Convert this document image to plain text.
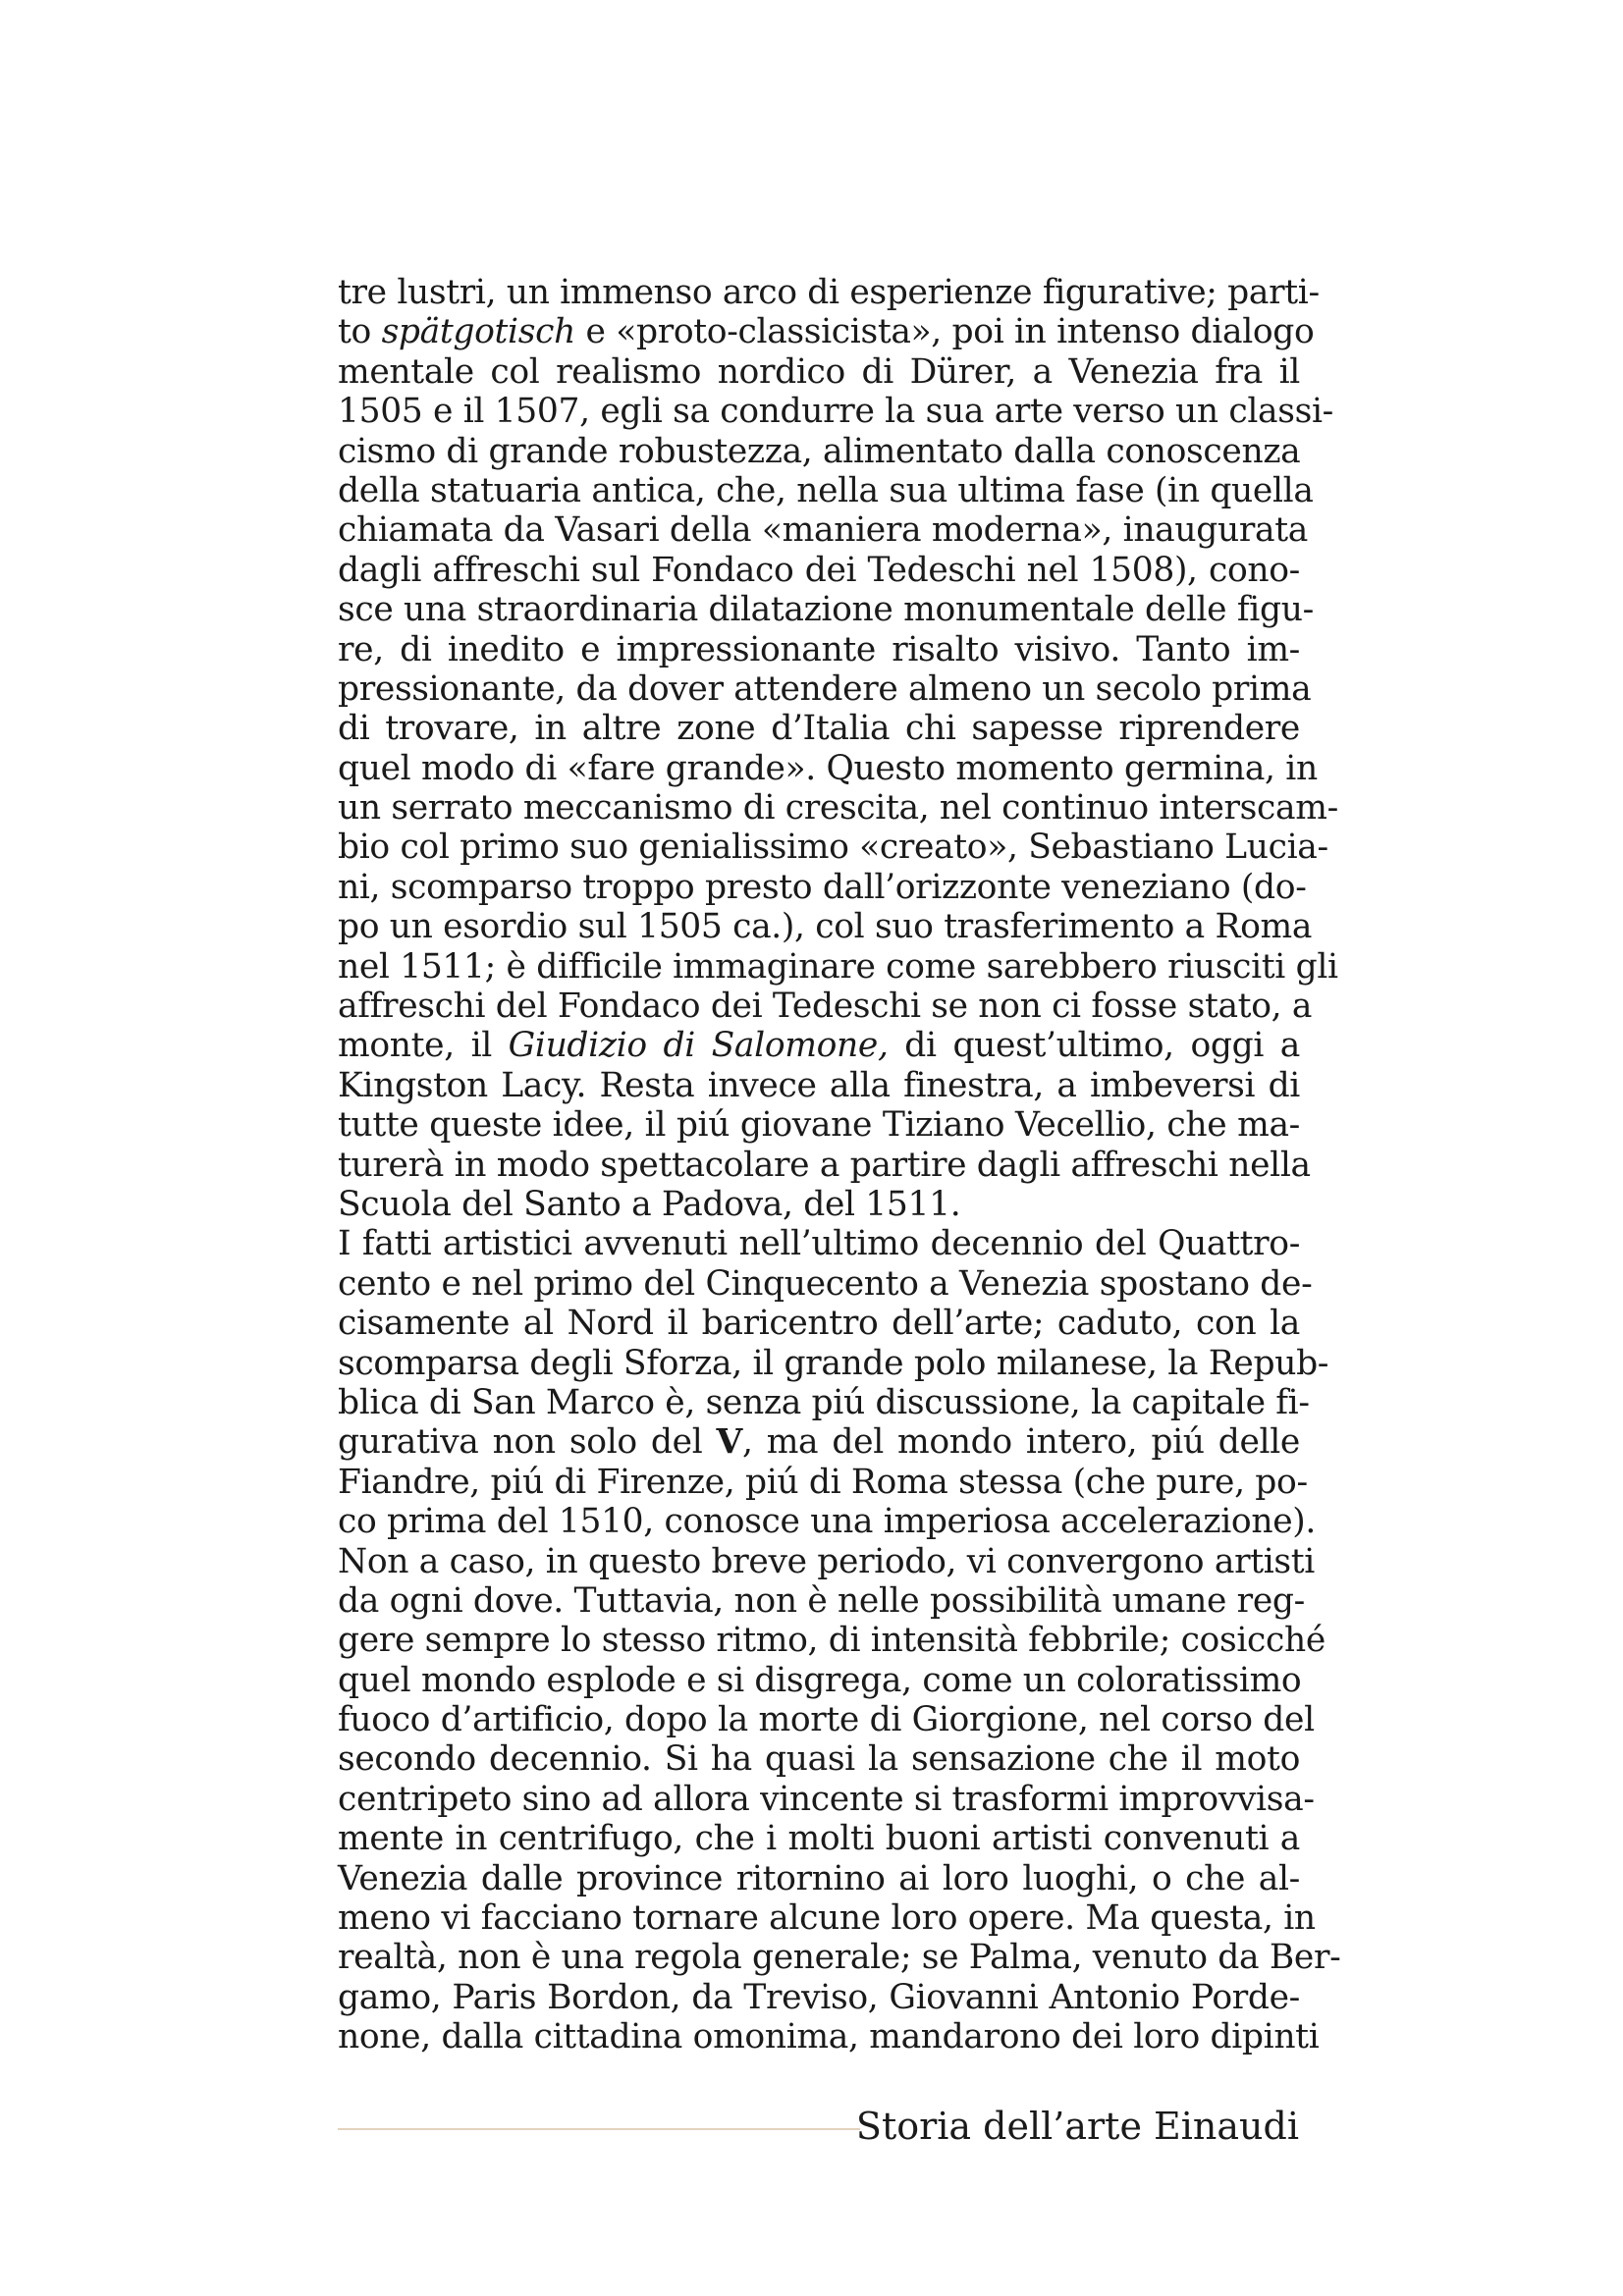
tre lustri, un immenso arco di esperienze figurative; parti-
to spätgotisch e «proto-classicista», poi in intenso dialogo
mentale col realismo nordico di Dürer, a Venezia fra il
1505 e il 1507, egli sa condurre la sua arte verso un classi-
cismo di grande robustezza, alimentato dalla conoscenza
della statuaria antica, che, nella sua ultima fase (in quella
chiamata da Vasari della «maniera moderna», inaugurata
dagli affreschi sul Fondaco dei Tedeschi nel 1508), cono-
sce una straordinaria dilatazione monumentale delle figu-
re, di inedito e impressionante risalto visivo. Tanto im-
pressionante, da dover attendere almeno un secolo prima
di trovare, in altre zone d’Italia chi sapesse riprendere
quel modo di «fare grande». Questo momento germina, in
un serrato meccanismo di crescita, nel continuo interscam-
bio col primo suo genialissimo «creato», Sebastiano Lucia-
ni, scomparso troppo presto dall’orizzonte veneziano (do-
po un esordio sul 1505 ca.), col suo trasferimento a Roma
nel 1511; è difficile immaginare come sarebbero riusciti gli
affreschi del Fondaco dei Tedeschi se non ci fosse stato, a
monte, il Giudizio di Salomone, di quest’ultimo, oggi a
Kingston Lacy. Resta invece alla finestra, a imbeversi di
tutte queste idee, il piú giovane Tiziano Vecellio, che ma-
turerà in modo spettacolare a partire dagli affreschi nella
Scuola del Santo a Padova, del 1511.
I fatti artistici avvenuti nell’ultimo decennio del Quattro-
cento e nel primo del Cinquecento a Venezia spostano de-
cisamente al Nord il baricentro dell’arte; caduto, con la
scomparsa degli Sforza, il grande polo milanese, la Repub-
blica di San Marco è, senza piú discussione, la capitale fi-
gurativa non solo del V, ma del mondo intero, piú delle
Fiandre, piú di Firenze, piú di Roma stessa (che pure, po-
co prima del 1510, conosce una imperiosa accelerazione).
Non a caso, in questo breve periodo, vi convergono artisti
da ogni dove. Tuttavia, non è nelle possibilità umane reg-
gere sempre lo stesso ritmo, di intensità febbrile; cosicché
quel mondo esplode e si disgrega, come un coloratissimo
fuoco d’artificio, dopo la morte di Giorgione, nel corso del
secondo decennio. Si ha quasi la sensazione che il moto
centripeto sino ad allora vincente si trasformi improvvisa-
mente in centrifugo, che i molti buoni artisti convenuti a
Venezia dalle province ritornino ai loro luoghi, o che al-
meno vi facciano tornare alcune loro opere. Ma questa, in
realtà, non è una regola generale; se Palma, venuto da Ber-
gamo, Paris Bordon, da Treviso, Giovanni Antonio Porde-
none, dalla cittadina omonima, mandarono dei loro dipinti
Storia dell’arte Einaudi
